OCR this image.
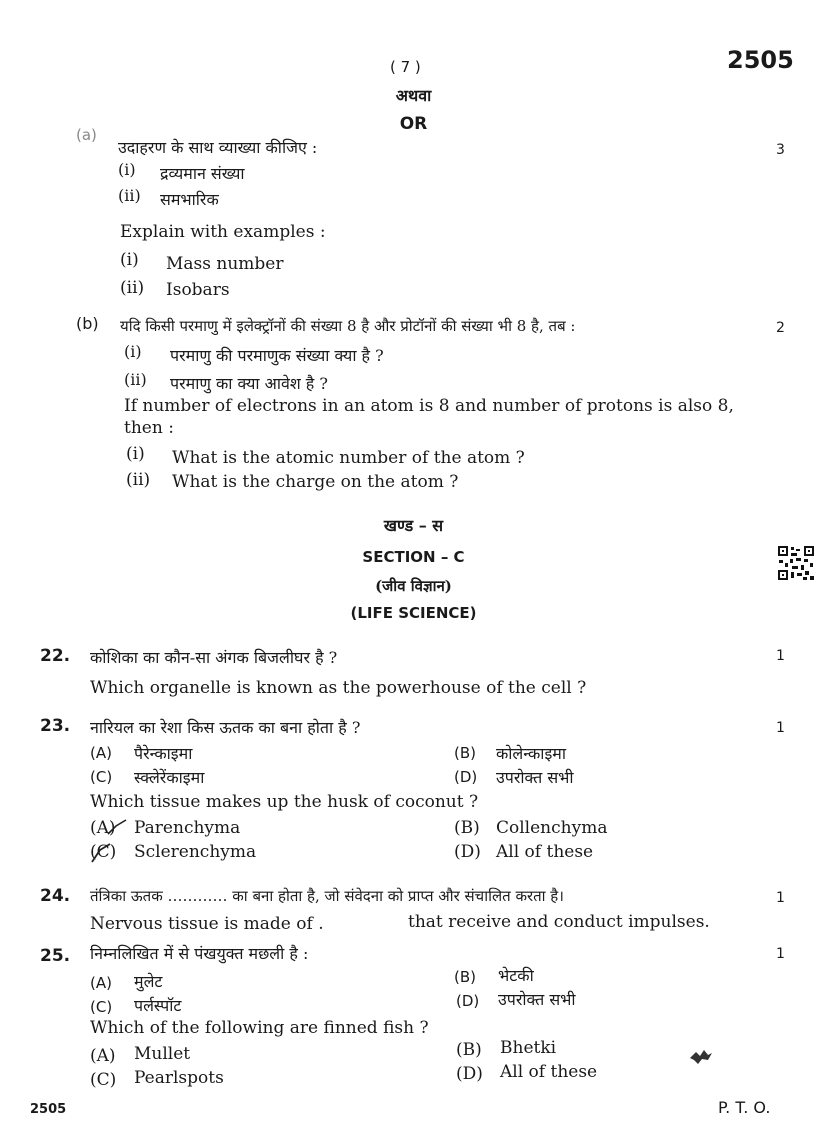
( 7 )	2505
अथवा
OR
(a)
उदाहरण के साथ व्याख्या कीजिए :	3
(i) द्रव्यमान संख्या
(ii) समभारिक
Explain with examples :
(i) Mass number
(ii) Isobars
(b) यदि किसी परमाणु में इलेक्ट्रॉनों की संख्या 8 है और प्रोटॉनों की संख्या भी 8 है, तब :	2
(i) परमाणु की परमाणुक संख्या क्या है ?
(ii) परमाणु का क्या आवेश है ?
If number of electrons in an atom is 8 and number of protons is also 8,
then :
(i) What is the atomic number of the atom ?
(ii) What is the charge on the atom ?
खण्ड – स
SECTION – C
(जीव विज्ञान)
(LIFE SCIENCE)
22. कोशिका का कौन-सा अंगक बिजलीघर है ?	1
Which organelle is known as the powerhouse of the cell ?
23. नारियल का रेशा किस ऊतक का बना होता है ?	1
(A) पैरेन्काइमा	(B) कोलेन्काइमा
(C) स्क्लेरेंकाइमा	(D) उपरोक्त सभी
Which tissue makes up the husk of coconut ?
(A) Parenchyma	(B) Collenchyma
(C) Sclerenchyma	(D) All of these
24. तंत्रिका ऊतक ………… का बना होता है, जो संवेदना को प्राप्त और संचालित करता है।	1
Nervous tissue is made of .	that receive and conduct impulses.
25. निम्नलिखित में से पंखयुक्त मछली है :	1
(A) मुलेट	(B) भेटकी
(C) पर्लस्पॉट	(D) उपरोक्त सभी
Which of the following are finned fish ?
(A) Mullet	(B) Bhetki
(C) Pearlspots	(D) All of these
2505	P. T. O.
